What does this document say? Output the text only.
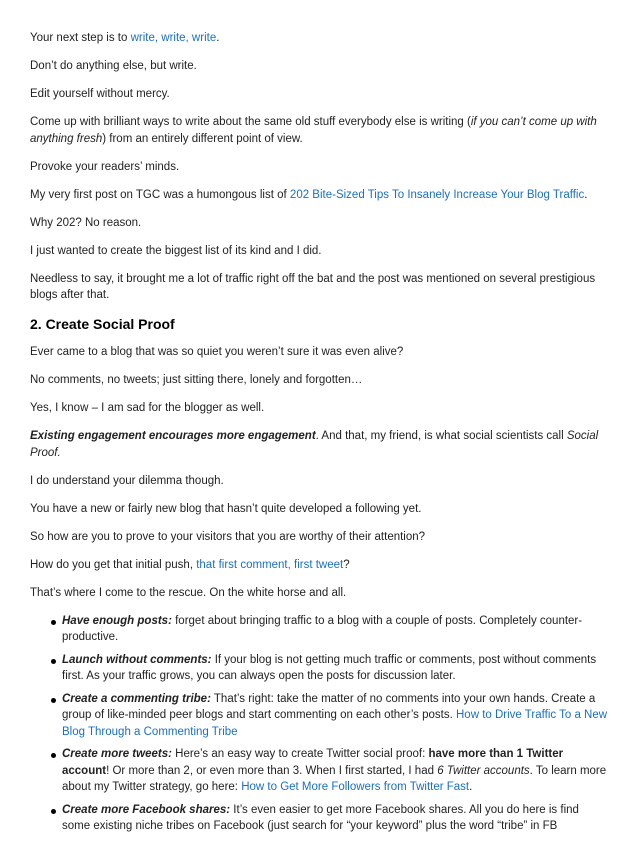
Your next step is to write, write, write.

Don’t do anything else, but write.

Edit yourself without mercy.

Come up with brilliant ways to write about the same old stuff everybody else is writing (if you can’t come up with anything fresh) from an entirely different point of view.

Provoke your readers’ minds.

My very first post on TGC was a humongous list of 202 Bite-Sized Tips To Insanely Increase Your Blog Traffic.

Why 202? No reason.

I just wanted to create the biggest list of its kind and I did.

Needless to say, it brought me a lot of traffic right off the bat and the post was mentioned on several prestigious blogs after that.

2. Create Social Proof

Ever came to a blog that was so quiet you weren’t sure it was even alive?

No comments, no tweets; just sitting there, lonely and forgotten…

Yes, I know – I am sad for the blogger as well.

Existing engagement encourages more engagement. And that, my friend, is what social scientists call Social Proof.

I do understand your dilemma though.

You have a new or fairly new blog that hasn’t quite developed a following yet.

So how are you to prove to your visitors that you are worthy of their attention?

How do you get that initial push, that first comment, first tweet?

That’s where I come to the rescue. On the white horse and all.

Have enough posts: forget about bringing traffic to a blog with a couple of posts. Completely counter-productive.
Launch without comments: If your blog is not getting much traffic or comments, post without comments first. As your traffic grows, you can always open the posts for discussion later.
Create a commenting tribe: That’s right: take the matter of no comments into your own hands. Create a group of like-minded peer blogs and start commenting on each other’s posts. How to Drive Traffic To a New Blog Through a Commenting Tribe
Create more tweets: Here’s an easy way to create Twitter social proof: have more than 1 Twitter account! Or more than 2, or even more than 3. When I first started, I had 6 Twitter accounts. To learn more about my Twitter strategy, go here: How to Get More Followers from Twitter Fast.
Create more Facebook shares: It’s even easier to get more Facebook shares. All you do here is find some existing niche tribes on Facebook (just search for “your keyword” plus the word “tribe” in FB
